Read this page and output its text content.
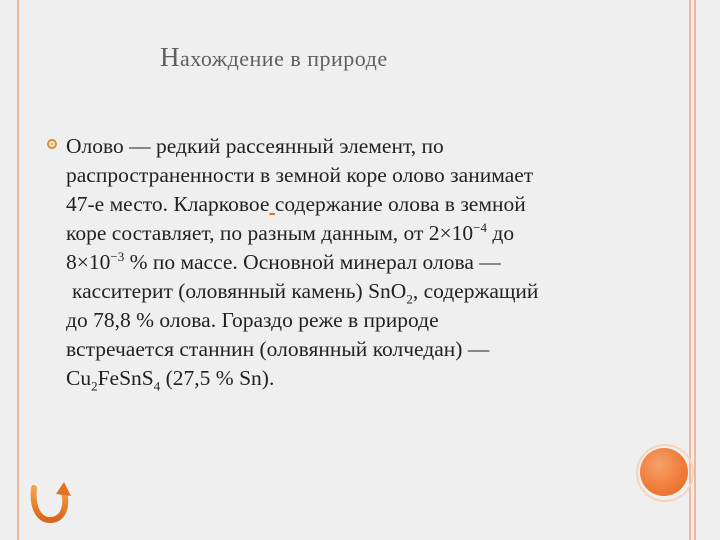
Нахождение в природе
Олово — редкий рассеянный элемент, по
распространенности в земной коре олово занимает
47-е место. Кларковое содержание олова в земной
коре составляет, по разным данным, от $2\times 10^{-4}$ до
$8\times 10^{-3}$ % по массе. Основной минерал олова —
касситерит (оловянный камень) SnO$_2$, содержащий
до 78,8 % олова. Гораздо реже в природе
встречается станнин (оловянный колчедан) —
$Cu_2FeSnS_4$ (27,5 % Sn).
